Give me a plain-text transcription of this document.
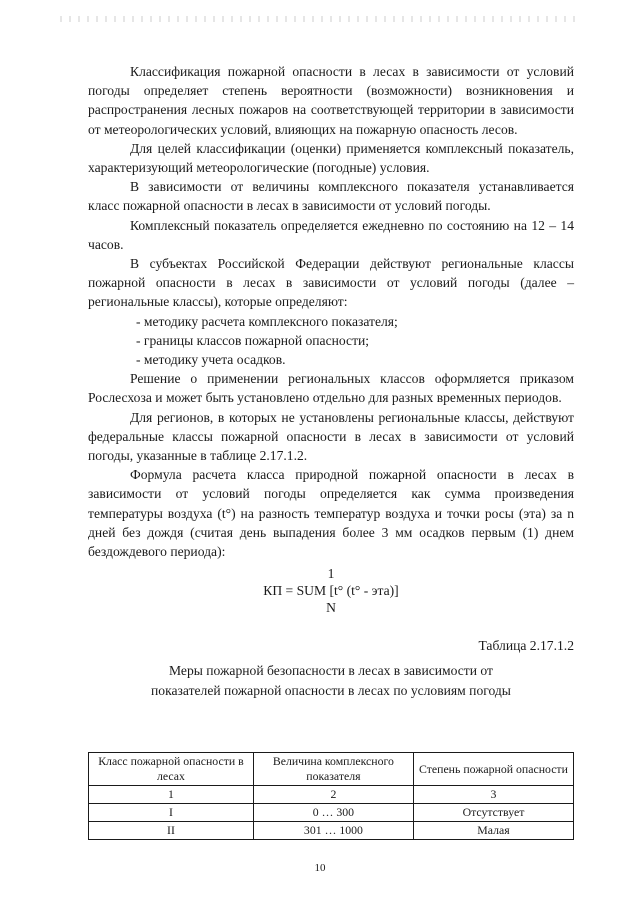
Классификация пожарной опасности в лесах в зависимости от условий погоды определяет степень вероятности (возможности) возникновения и распространения лесных пожаров на соответствующей территории в зависимости от метеорологических условий, влияющих на пожарную опасность лесов.

Для целей классификации (оценки) применяется комплексный показатель, характеризующий метеорологические (погодные) условия.

В зависимости от величины комплексного показателя устанавливается класс пожарной опасности в лесах в зависимости от условий погоды.

Комплексный показатель определяется ежедневно по состоянию на 12 – 14 часов.

В субъектах Российской Федерации действуют региональные классы пожарной опасности в лесах в зависимости от условий погоды (далее – региональные классы), которые определяют:

- методику расчета комплексного показателя;

- границы классов пожарной опасности;

- методику учета осадков.

Решение о применении региональных классов оформляется приказом Рослесхоза и может быть установлено отдельно для разных временных периодов.

Для регионов, в которых не установлены региональные классы, действуют федеральные классы пожарной опасности в лесах в зависимости от условий погоды, указанные в таблице 2.17.1.2.

Формула расчета класса природной пожарной опасности в лесах в зависимости от условий погоды определяется как сумма произведения температуры воздуха (t°) на разность температур воздуха и точки росы (эта) за n дней без дождя (считая день выпадения более 3 мм осадков первым (1) днем бездождевого периода):

1
КП = SUM [t° (t° - эта)]
N

Таблица 2.17.1.2

Меры пожарной безопасности в лесах в зависимости от

показателей пожарной опасности в лесах по условиям погоды

Класс пожарной опасности в лесах	Величина комплексного показателя	Степень пожарной опасности
1	2	3
I	0 … 300	Отсутствует
II	301 … 1000	Малая
10
